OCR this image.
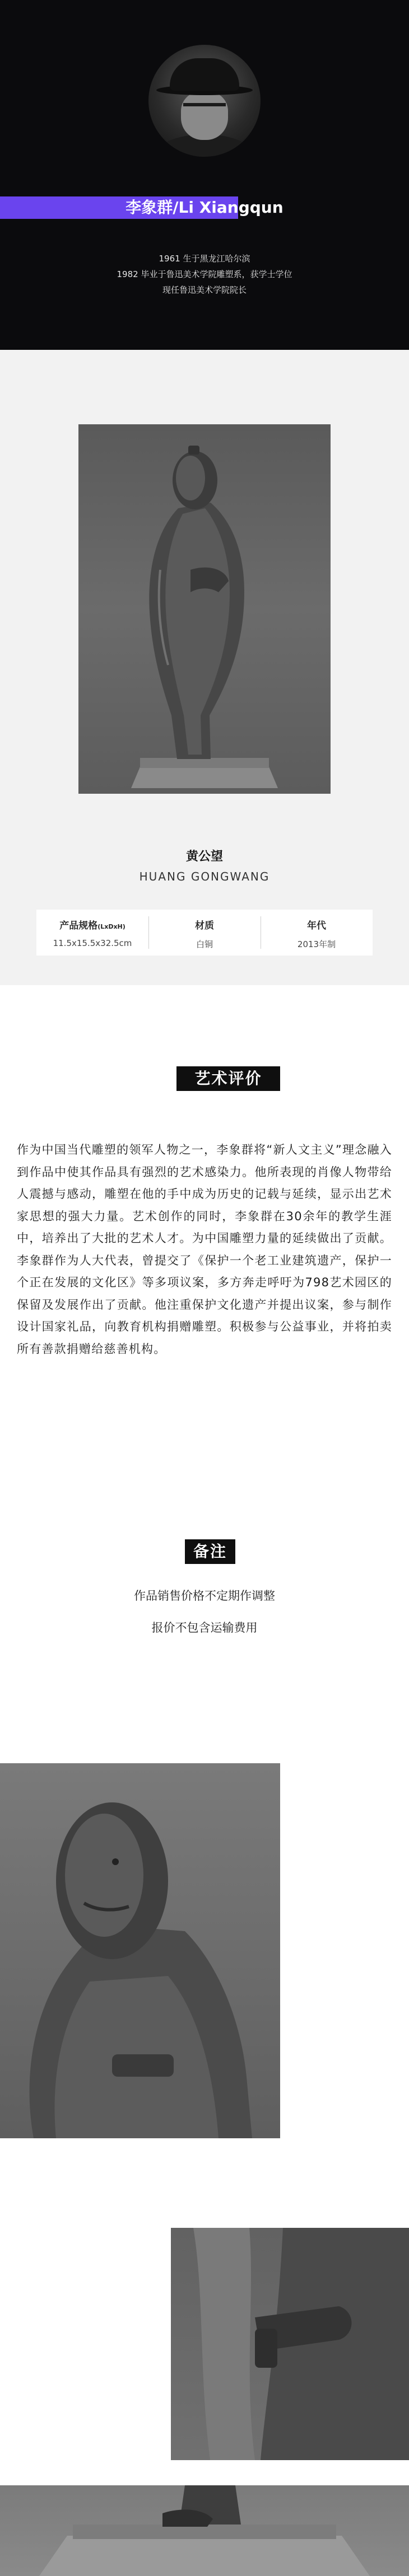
李象群/Li Xiangqun
1961 生于黑龙江哈尔滨
1982 毕业于鲁迅美术学院雕塑系，获学士学位
现任鲁迅美术学院院长
黄公望
HUANG GONGWANG
产品规格(LxDxH)
11.5x15.5x32.5cm
材质
白铜
年代
2013年制
艺术评价

作为中国当代雕塑的领军人物之一，李象群将“新人文主义”理念融入到作品中使其作品具有强烈的艺术感染力。他所表现的肖像人物带给人震撼与感动，雕塑在他的手中成为历史的记载与延续，显示出艺术家思想的强大力量。艺术创作的同时，李象群在30余年的教学生涯中，培养出了大批的艺术人才。为中国雕塑力量的延续做出了贡献。李象群作为人大代表，曾提交了《保护一个老工业建筑遗产，保护一个正在发展的文化区》等多项议案，多方奔走呼吁为798艺术园区的保留及发展作出了贡献。他注重保护文化遗产并提出议案，参与制作设计国家礼品，向教育机构捐赠雕塑。积极参与公益事业，并将拍卖所有善款捐赠给慈善机构。

备注
作品销售价格不定期作调整
报价不包含运输费用
